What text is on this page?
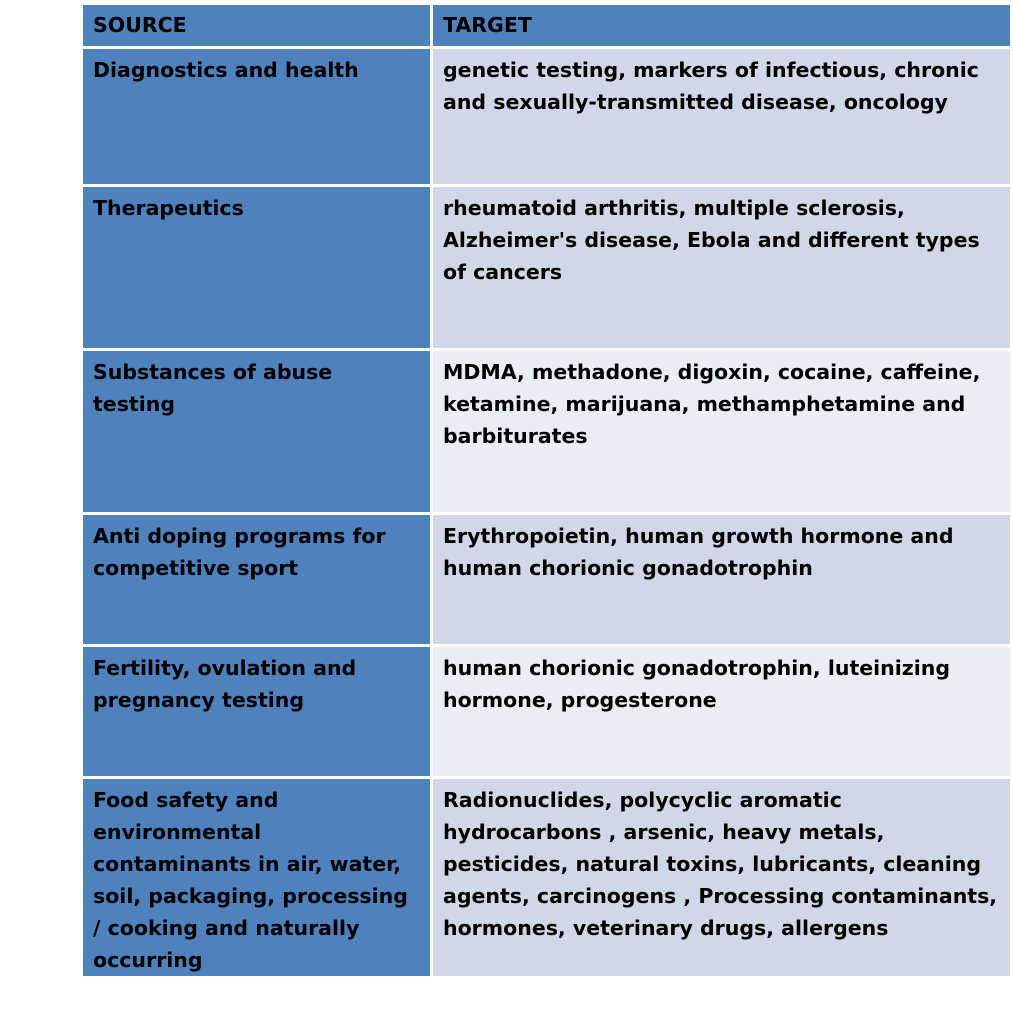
SOURCE	TARGET
Diagnostics and health	genetic testing, markers of infectious, chronic and sexually-transmitted disease, oncology
Therapeutics	rheumatoid arthritis, multiple sclerosis, Alzheimer's disease, Ebola and different types of cancers
Substances of abuse testing	MDMA, methadone, digoxin, cocaine, caffeine, ketamine, marijuana, methamphetamine and barbiturates
Anti doping programs for competitive sport	Erythropoietin, human growth hormone and human chorionic gonadotrophin
Fertility, ovulation and pregnancy testing	human chorionic gonadotrophin, luteinizing hormone, progesterone
Food safety and environmental contaminants in air, water, soil, packaging, processing / cooking and naturally occurring	Radionuclides, polycyclic aromatic hydrocarbons , arsenic, heavy metals, pesticides, natural toxins, lubricants, cleaning agents, carcinogens , Processing contaminants, hormones, veterinary drugs, allergens
